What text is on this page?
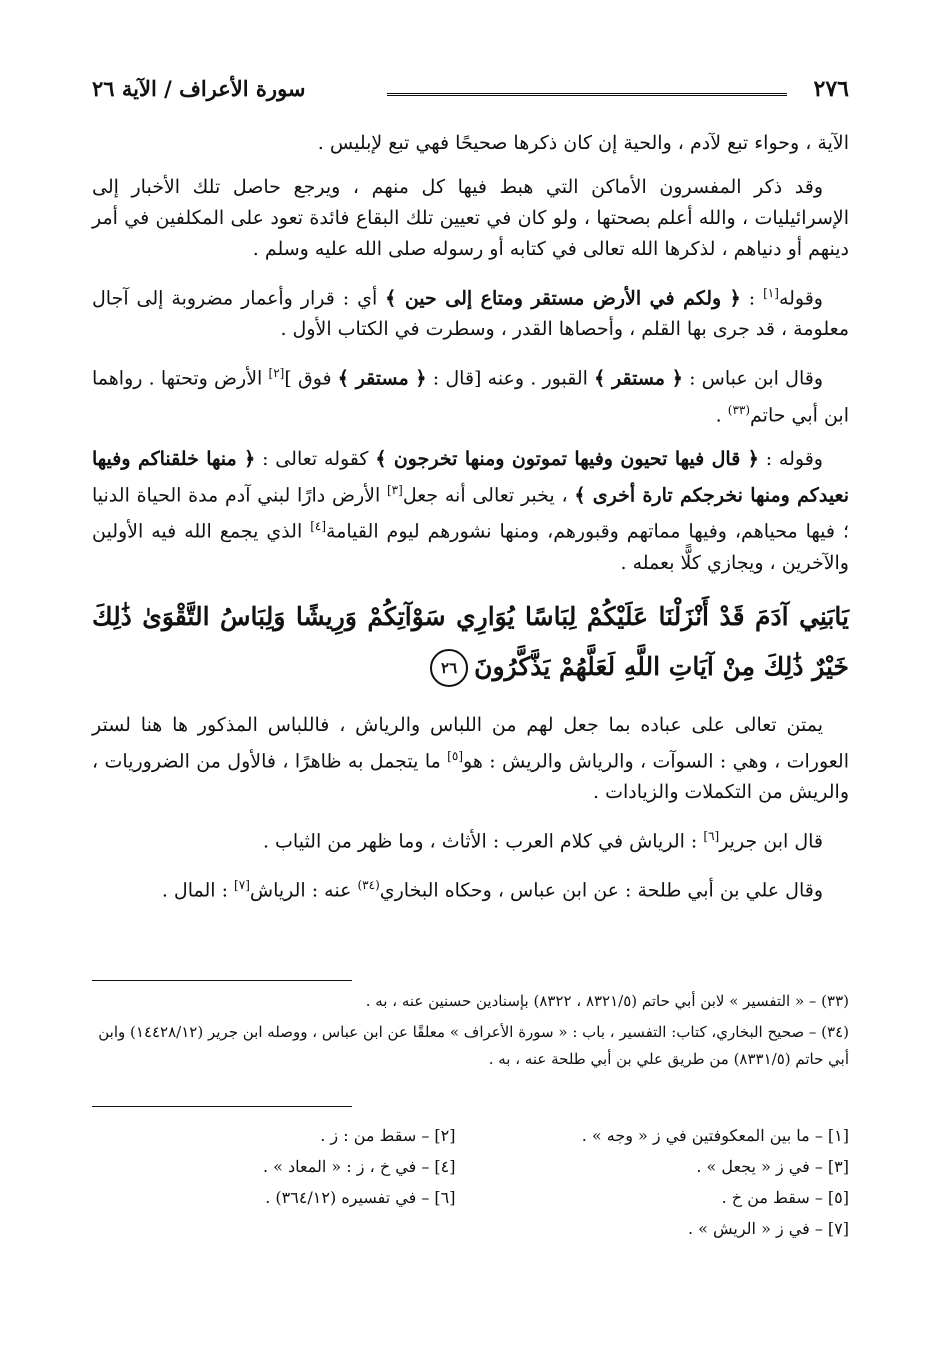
٢٧٦
سورة الأعراف / الآية ٢٦

الآية ، وحواء تبع لآدم ، والحية إن كان ذكرها صحيحًا فهي تبع لإبليس .

وقد ذكر المفسرون الأماكن التي هبط فيها كل منهم ، ويرجع حاصل تلك الأخبار إلى الإسرائيليات ، والله أعلم بصحتها ، ولو كان في تعيين تلك البقاع فائدة تعود على المكلفين في أمر دينهم أو دنياهم ، لذكرها الله تعالى في كتابه أو رسوله صلى الله عليه وسلم .

وقوله[١] : ﴿ ولكم في الأرض مستقر ومتاع إلى حين ﴾ أي : قرار وأعمار مضروبة إلى آجال معلومة ، قد جرى بها القلم ، وأحصاها القدر ، وسطرت في الكتاب الأول .

وقال ابن عباس : ﴿ مستقر ﴾ القبور . وعنه [قال : ﴿ مستقر ﴾ فوق ][٢] الأرض وتحتها . رواهما ابن أبي حاتم$^{(٣٣)}$ .

وقوله : ﴿ قال فيها تحيون وفيها تموتون ومنها تخرجون ﴾ كقوله تعالى : ﴿ منها خلقناكم وفيها نعيدكم ومنها نخرجكم تارة أخرى ﴾ ، يخبر تعالى أنه جعل[٣] الأرض دارًا لبني آدم مدة الحياة الدنيا ؛ فيها محياهم، وفيها مماتهم وقبورهم، ومنها نشورهم ليوم القيامة[٤] الذي يجمع الله فيه الأولين والآخرين ، ويجازي كلًّا بعمله .

يَابَنِي آدَمَ قَدْ أَنْزَلْنَا عَلَيْكُمْ لِبَاسًا يُوَارِي سَوْآتِكُمْ وَرِيشًا وَلِبَاسُ التَّقْوَىٰ ذَٰلِكَ خَيْرٌ ذَٰلِكَ مِنْ آيَاتِ اللَّهِ لَعَلَّهُمْ يَذَّكَّرُونَ٢٦

يمتن تعالى على عباده بما جعل لهم من اللباس والرياش ، فاللباس المذكور ها هنا لستر العورات ، وهي : السوآت ، والرياش والريش : هو[٥] ما يتجمل به ظاهرًا ، فالأول من الضروريات ، والريش من التكملات والزيادات .

قال ابن جرير[٦] : الرياش في كلام العرب : الأثاث ، وما ظهر من الثياب .

وقال علي بن أبي طلحة : عن ابن عباس ، وحكاه البخاري$^{(٣٤)}$ عنه : الرياش[٧] : المال .

(٣٣) – « التفسير » لابن أبي حاتم (٨٣٢١/٥ ، ٨٣٢٢) بإسنادين حسنين عنه ، به .

(٣٤) – صحيح البخاري، كتاب: التفسير ، باب : « سورة الأعراف » معلقًا عن ابن عباس ، ووصله ابن جرير (١٤٤٢٨/١٢) وابن أبي حاتم (٨٣٣١/٥) من طريق علي بن أبي طلحة عنه ، به .

[١] – ما بين المعكوفتين في ز « وجه » .
[٢] – سقط من : ز .
[٣] – في ز « يجعل » .
[٤] – في خ ، ز : « المعاد » .
[٥] – سقط من خ .
[٦] – في تفسيره (٣٦٤/١٢) .
[٧] – في ز « الريش » .
